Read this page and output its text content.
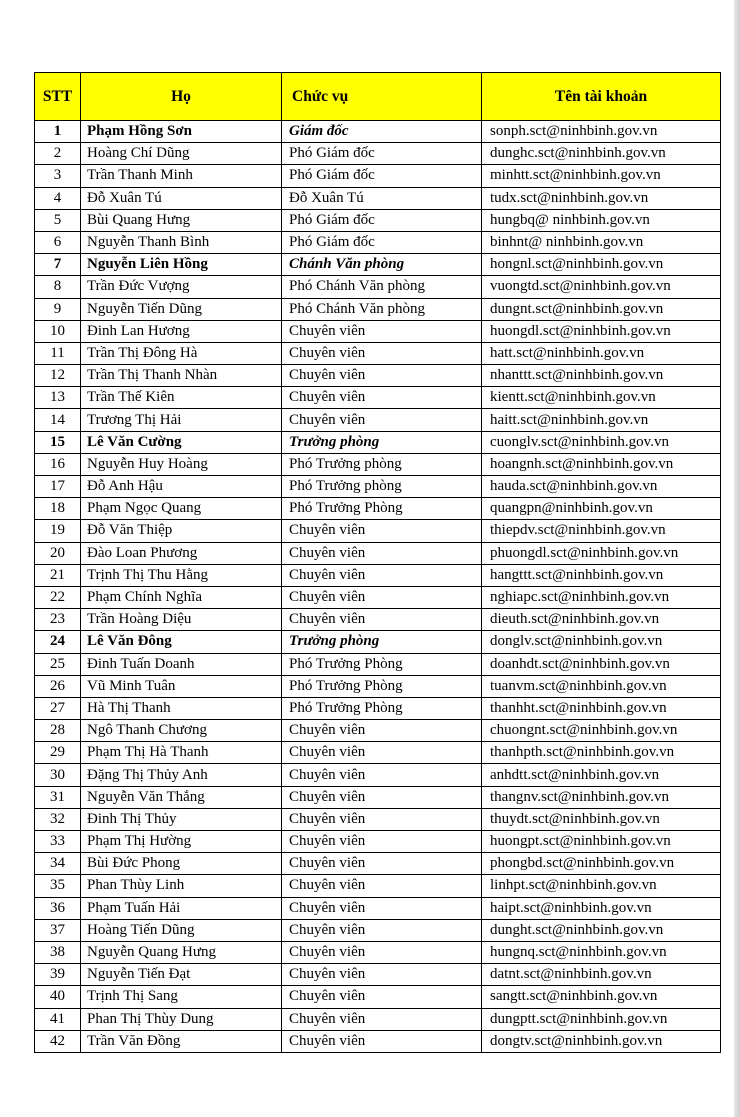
STT	Họ	Chức vụ	Tên tài khoản
1	Phạm Hồng Sơn	Giám đốc	sonph.sct@ninhbinh.gov.vn
2	Hoàng Chí Dũng	Phó Giám đốc	dunghc.sct@ninhbinh.gov.vn
3	Trần Thanh Minh	Phó Giám đốc	minhtt.sct@ninhbinh.gov.vn
4	Đỗ Xuân Tú	Đỗ Xuân Tú	tudx.sct@ninhbinh.gov.vn
5	Bùi Quang Hưng	Phó Giám đốc	hungbq@ ninhbinh.gov.vn
6	Nguyễn Thanh Bình	Phó Giám đốc	binhnt@ ninhbinh.gov.vn
7	Nguyễn Liên Hồng	Chánh Văn phòng	hongnl.sct@ninhbinh.gov.vn
8	Trần Đức Vượng	Phó Chánh Văn phòng	vuongtd.sct@ninhbinh.gov.vn
9	Nguyễn Tiến Dũng	Phó Chánh Văn phòng	dungnt.sct@ninhbinh.gov.vn
10	Đinh Lan Hương	Chuyên viên	huongdl.sct@ninhbinh.gov.vn
11	Trần Thị Đông Hà	Chuyên viên	hatt.sct@ninhbinh.gov.vn
12	Trần Thị Thanh Nhàn	Chuyên viên	nhanttt.sct@ninhbinh.gov.vn
13	Trần Thế Kiên	Chuyên viên	kientt.sct@ninhbinh.gov.vn
14	Trương Thị Hải	Chuyên viên	haitt.sct@ninhbinh.gov.vn
15	Lê Văn Cường	Trưởng phòng	cuonglv.sct@ninhbinh.gov.vn
16	Nguyễn Huy Hoàng	Phó Trưởng phòng	hoangnh.sct@ninhbinh.gov.vn
17	Đỗ Anh Hậu	Phó Trưởng phòng	hauda.sct@ninhbinh.gov.vn
18	Phạm Ngọc Quang	Phó Trưởng Phòng	quangpn@ninhbinh.gov.vn
19	Đỗ Văn Thiệp	Chuyên viên	thiepdv.sct@ninhbinh.gov.vn
20	Đào Loan Phương	Chuyên viên	phuongdl.sct@ninhbinh.gov.vn
21	Trịnh Thị Thu Hằng	Chuyên viên	hangttt.sct@ninhbinh.gov.vn
22	Phạm Chính Nghĩa	Chuyên viên	nghiapc.sct@ninhbinh.gov.vn
23	Trần Hoàng Diệu	Chuyên viên	dieuth.sct@ninhbinh.gov.vn
24	Lê Văn Đông	Trưởng phòng	donglv.sct@ninhbinh.gov.vn
25	Đinh Tuấn Doanh	Phó Trưởng Phòng	doanhdt.sct@ninhbinh.gov.vn
26	Vũ Minh Tuân	Phó Trưởng Phòng	tuanvm.sct@ninhbinh.gov.vn
27	Hà Thị Thanh	Phó Trưởng Phòng	thanhht.sct@ninhbinh.gov.vn
28	Ngô Thanh Chương	Chuyên viên	chuongnt.sct@ninhbinh.gov.vn
29	Phạm Thị Hà Thanh	Chuyên viên	thanhpth.sct@ninhbinh.gov.vn
30	Đặng Thị Thủy Anh	Chuyên viên	anhdtt.sct@ninhbinh.gov.vn
31	Nguyễn Văn Thắng	Chuyên viên	thangnv.sct@ninhbinh.gov.vn
32	Đinh Thị Thủy	Chuyên viên	thuydt.sct@ninhbinh.gov.vn
33	Phạm Thị Hường	Chuyên viên	huongpt.sct@ninhbinh.gov.vn
34	Bùi Đức Phong	Chuyên viên	phongbd.sct@ninhbinh.gov.vn
35	Phan Thùy Linh	Chuyên viên	linhpt.sct@ninhbinh.gov.vn
36	Phạm Tuấn Hải	Chuyên viên	haipt.sct@ninhbinh.gov.vn
37	Hoàng Tiến Dũng	Chuyên viên	dunght.sct@ninhbinh.gov.vn
38	Nguyễn Quang Hưng	Chuyên viên	hungnq.sct@ninhbinh.gov.vn
39	Nguyễn Tiến Đạt	Chuyên viên	datnt.sct@ninhbinh.gov.vn
40	Trịnh Thị Sang	Chuyên viên	sangtt.sct@ninhbinh.gov.vn
41	Phan Thị Thùy Dung	Chuyên viên	dungptt.sct@ninhbinh.gov.vn
42	Trần Văn Đồng	Chuyên viên	dongtv.sct@ninhbinh.gov.vn
